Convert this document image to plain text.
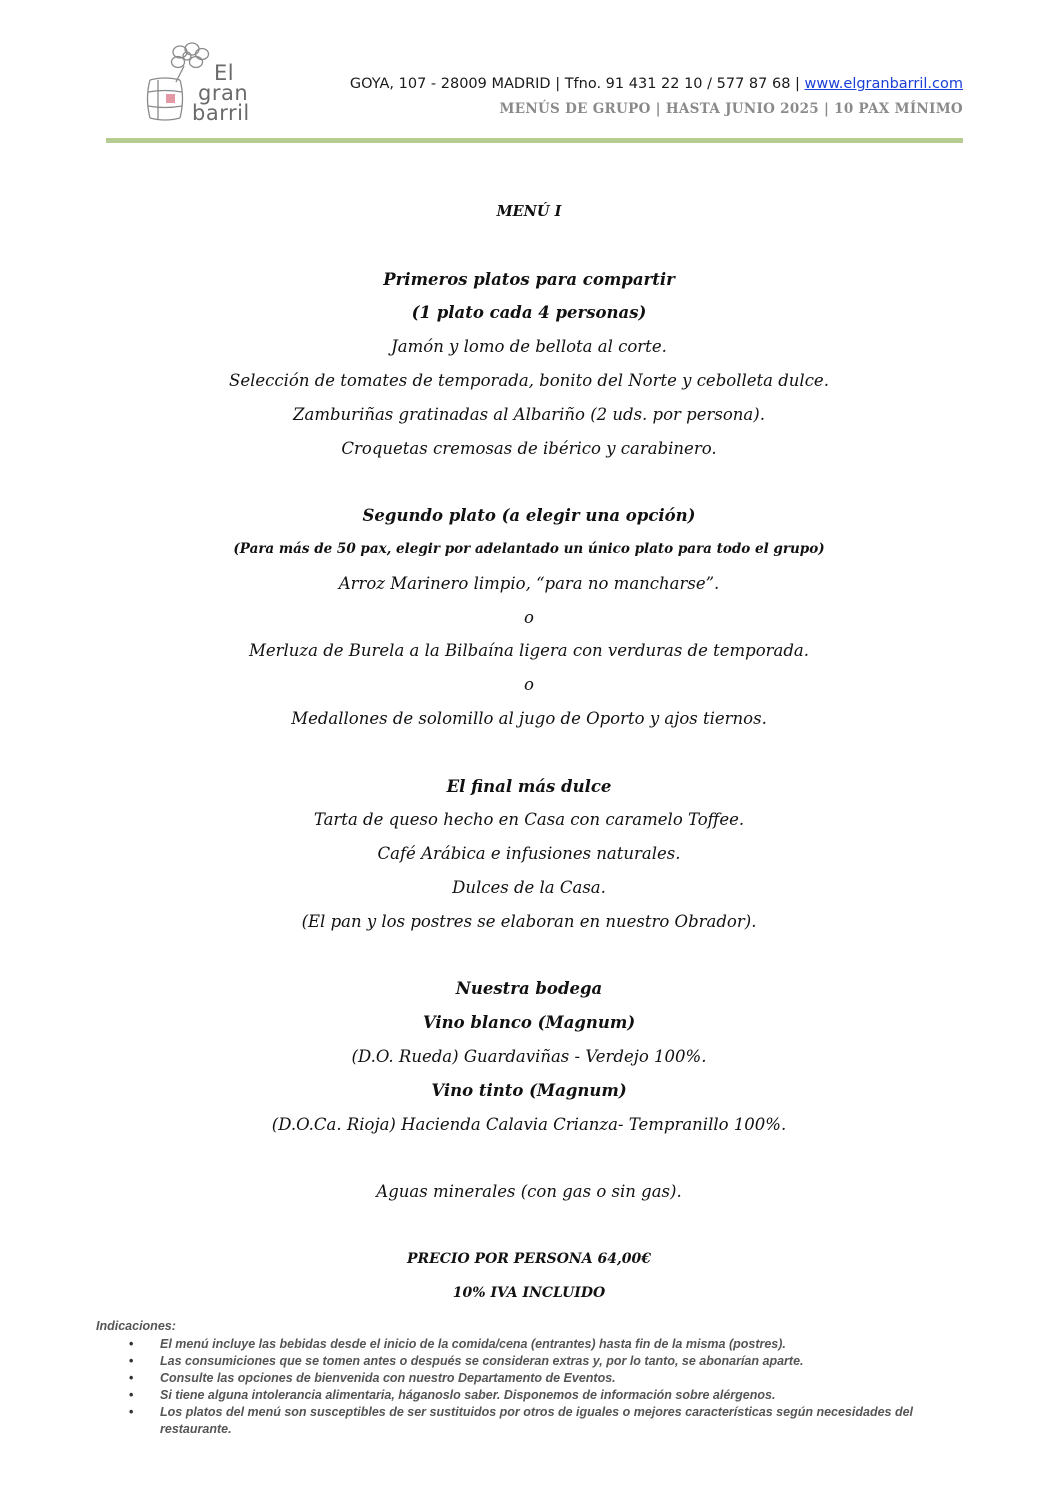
El
gran
barril
GOYA, 107 - 28009 MADRID | Tfno. 91 431 22 10 / 577 87 68 | www.elgranbarril.com
MENÚS DE GRUPO | HASTA JUNIO 2025 | 10 PAX MÍNIMO
MENÚ I
Primeros platos para compartir
(1 plato cada 4 personas)
Jamón y lomo de bellota al corte.
Selección de tomates de temporada, bonito del Norte y cebolleta dulce.
Zamburiñas gratinadas al Albariño (2 uds. por persona).
Croquetas cremosas de ibérico y carabinero.
Segundo plato (a elegir una opción)
(Para más de 50 pax, elegir por adelantado un único plato para todo el grupo)
Arroz Marinero limpio, “para no mancharse”.
o
Merluza de Burela a la Bilbaína ligera con verduras de temporada.
o
Medallones de solomillo al jugo de Oporto y ajos tiernos.
El final más dulce
Tarta de queso hecho en Casa con caramelo Toffee.
Café Arábica e infusiones naturales.
Dulces de la Casa.
(El pan y los postres se elaboran en nuestro Obrador).
Nuestra bodega
Vino blanco (Magnum)
(D.O. Rueda) Guardaviñas - Verdejo 100%.
Vino tinto (Magnum)
(D.O.Ca. Rioja) Hacienda Calavia Crianza- Tempranillo 100%.
Aguas minerales (con gas o sin gas).
PRECIO POR PERSONA 64,00€
10% IVA INCLUIDO
Indicaciones:
• El menú incluye las bebidas desde el inicio de la comida/cena (entrantes) hasta fin de la misma (postres).
• Las consumiciones que se tomen antes o después se consideran extras y, por lo tanto, se abonarían aparte.
• Consulte las opciones de bienvenida con nuestro Departamento de Eventos.
• Si tiene alguna intolerancia alimentaria, háganoslo saber. Disponemos de información sobre alérgenos.
• Los platos del menú son susceptibles de ser sustituidos por otros de iguales o mejores características según necesidades del restaurante.
